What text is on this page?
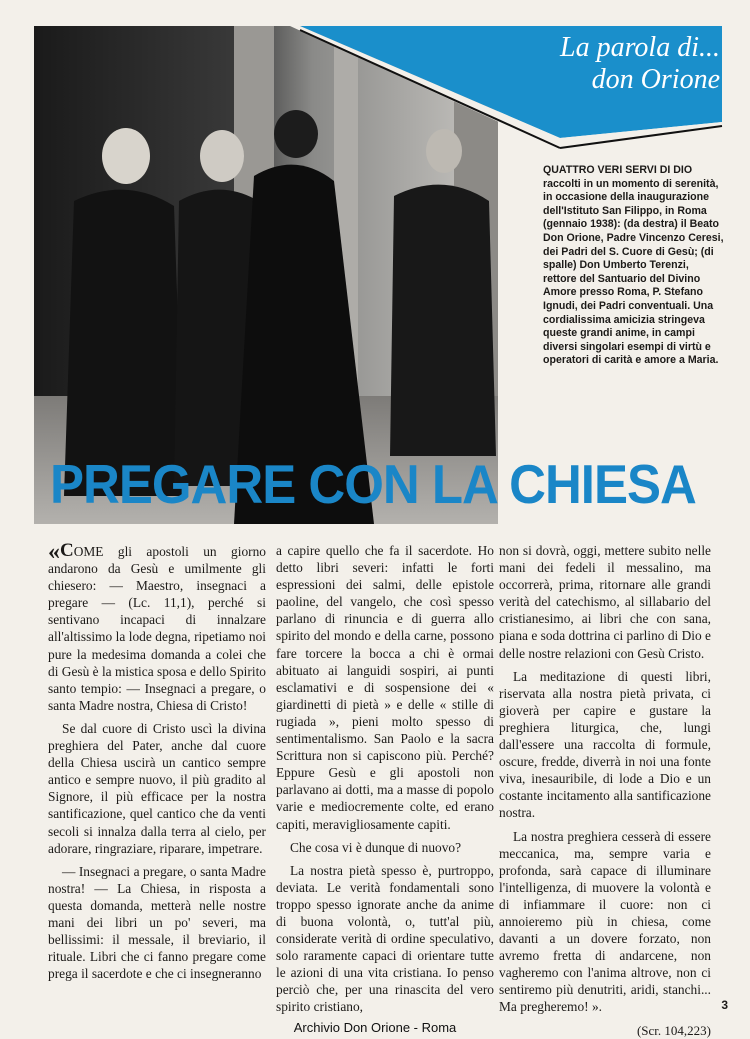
La parola di...
don Orione
QUATTRO VERI SERVI DI DIO raccolti in un momento di serenità, in occasione della inaugurazione dell'Istituto San Filippo, in Roma (gennaio 1938): (da destra) il Beato Don Orione, Padre Vincenzo Ceresi, dei Padri del S. Cuore di Gesù; (di spalle) Don Umberto Terenzi, rettore del Santuario del Divino Amore presso Roma, P. Stefano Ignudi, dei Padri conventuali. Una cordialissima amicizia stringeva queste grandi anime, in campi diversi singolari esempi di virtù e operatori di carità e amore a Maria.
PREGARE CON LA CHIESA

«COME gli apostoli un giorno andarono da Gesù e umilmente gli chiesero: — Maestro, insegnaci a pregare — (Lc. 11,1), perché si sentivano incapaci di innalzare all'altissimo la lode degna, ripetiamo noi pure la medesima domanda a colei che di Gesù è la mistica sposa e dello Spirito santo tempio: — Insegnaci a pregare, o santa Madre nostra, Chiesa di Cristo!

Se dal cuore di Cristo uscì la divina preghiera del Pater, anche dal cuore della Chiesa uscirà un cantico sempre antico e sempre nuovo, il più gradito al Signore, il più efficace per la nostra santificazione, quel cantico che da venti secoli si innalza dalla terra al cielo, per adorare, ringraziare, riparare, impetrare.

— Insegnaci a pregare, o santa Madre nostra! — La Chiesa, in risposta a questa domanda, metterà nelle nostre mani dei libri un po' severi, ma bellissimi: il messale, il breviario, il rituale. Libri che ci fanno pregare come prega il sacerdote e che ci insegneranno

a capire quello che fa il sacerdote. Ho detto libri severi: infatti le forti espressioni dei salmi, delle epistole paoline, del vangelo, che così spesso parlano di rinuncia e di guerra allo spirito del mondo e della carne, possono fare torcere la bocca a chi è ormai abituato ai languidi sospiri, ai punti esclamativi e di sospensione dei « giardinetti di pietà » e delle « stille di rugiada », pieni molto spesso di sentimentalismo. San Paolo e la sacra Scrittura non si capiscono più. Perché? Eppure Gesù e gli apostoli non parlavano ai dotti, ma a masse di popolo varie e mediocremente colte, ed erano capiti, meravigliosamente capiti.

Che cosa vi è dunque di nuovo?

La nostra pietà spesso è, purtroppo, deviata. Le verità fondamentali sono troppo spesso ignorate anche da anime di buona volontà, o, tutt'al più, considerate verità di ordine speculativo, solo raramente capaci di orientare tutte le azioni di una vita cristiana. Io penso perciò che, per una rinascita del vero spirito cristiano,

non si dovrà, oggi, mettere subito nelle mani dei fedeli il messalino, ma occorrerà, prima, ritornare alle grandi verità del catechismo, al sillabario del cristianesimo, ai libri che con sana, piana e soda dottrina ci parlino di Dio e delle nostre relazioni con Gesù Cristo.

La meditazione di questi libri, riservata alla nostra pietà privata, ci gioverà per capire e gustare la preghiera liturgica, che, lungi dall'essere una raccolta di formule, oscure, fredde, diverrà in noi una fonte viva, inesauribile, di lode a Dio e un costante incitamento alla santificazione nostra.

La nostra preghiera cesserà di essere meccanica, ma, sempre varia e profonda, sarà capace di illuminare l'intelligenza, di muovere la volontà e di infiammare il cuore: non ci annoieremo più in chiesa, come davanti a un dovere forzato, non avremo fretta di andarcene, non vagheremo con l'anima altrove, non ci sentiremo più denutriti, aridi, stanchi... Ma pregheremo! ».

(Scr. 104,223)
3
Archivio Don Orione - Roma
